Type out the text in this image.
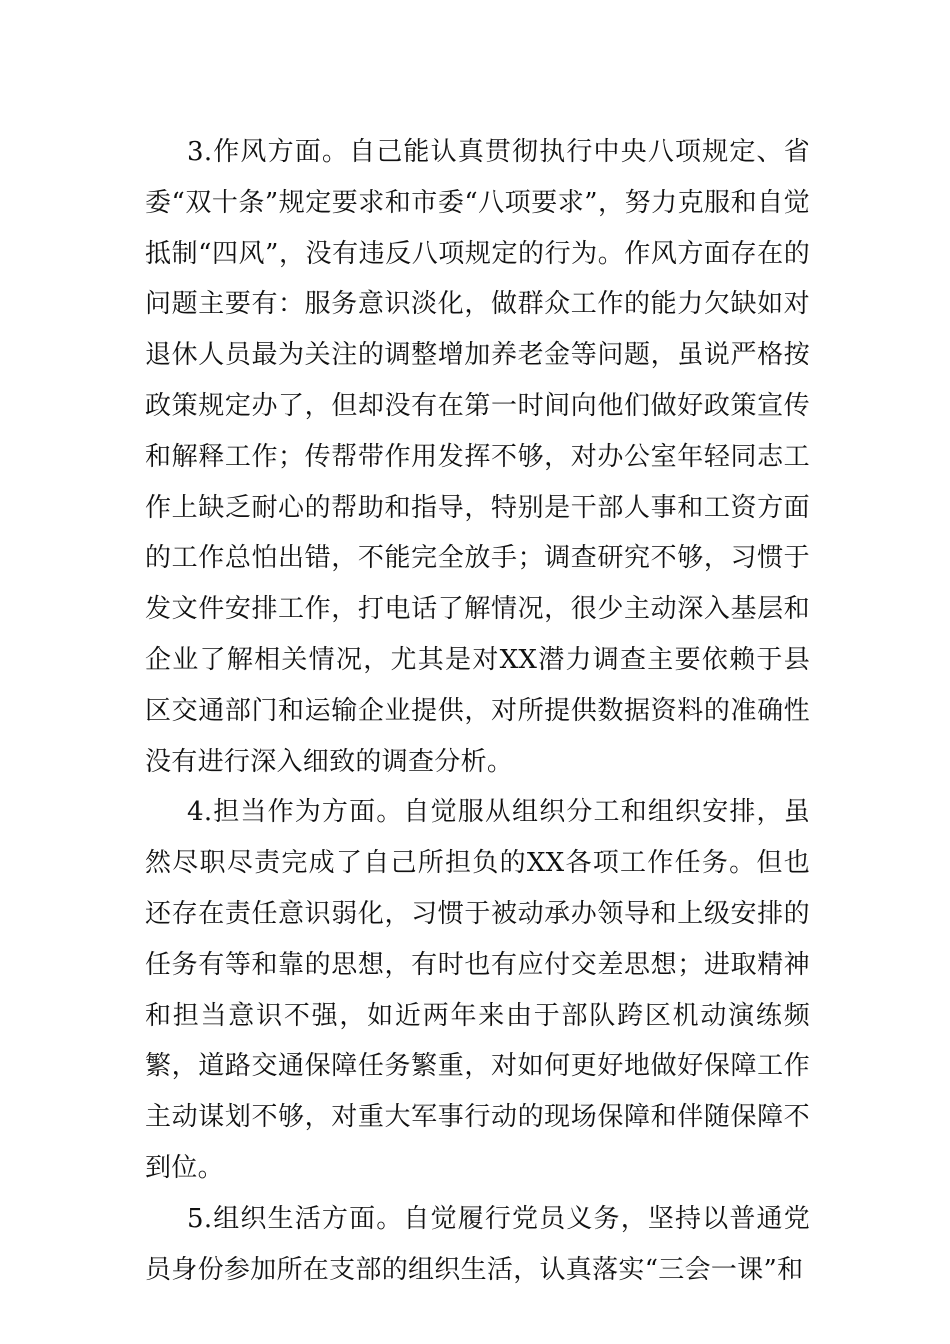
3.作风方面。自己能认真贯彻执行中央八项规定、省委“双十条”规定要求和市委“八项要求”，努力克服和自觉抵制“四风”，没有违反八项规定的行为。作风方面存在的问题主要有：服务意识淡化，做群众工作的能力欠缺如对退休人员最为关注的调整增加养老金等问题，虽说严格按政策规定办了，但却没有在第一时间向他们做好政策宣传和解释工作；传帮带作用发挥不够，对办公室年轻同志工作上缺乏耐心的帮助和指导，特别是干部人事和工资方面的工作总怕出错，不能完全放手；调查研究不够，习惯于发文件安排工作，打电话了解情况，很少主动深入基层和企业了解相关情况，尤其是对XX潜力调查主要依赖于县区交通部门和运输企业提供，对所提供数据资料的准确性没有进行深入细致的调查分析。

4.担当作为方面。自觉服从组织分工和组织安排，虽然尽职尽责完成了自己所担负的XX各项工作任务。但也还存在责任意识弱化，习惯于被动承办领导和上级安排的任务有等和靠的思想，有时也有应付交差思想；进取精神和担当意识不强，如近两年来由于部队跨区机动演练频繁，道路交通保障任务繁重，对如何更好地做好保障工作主动谋划不够，对重大军事行动的现场保障和伴随保障不到位。

5.组织生活方面。自觉履行党员义务，坚持以普通党员身份参加所在支部的组织生活，认真落实“三会一课”和
